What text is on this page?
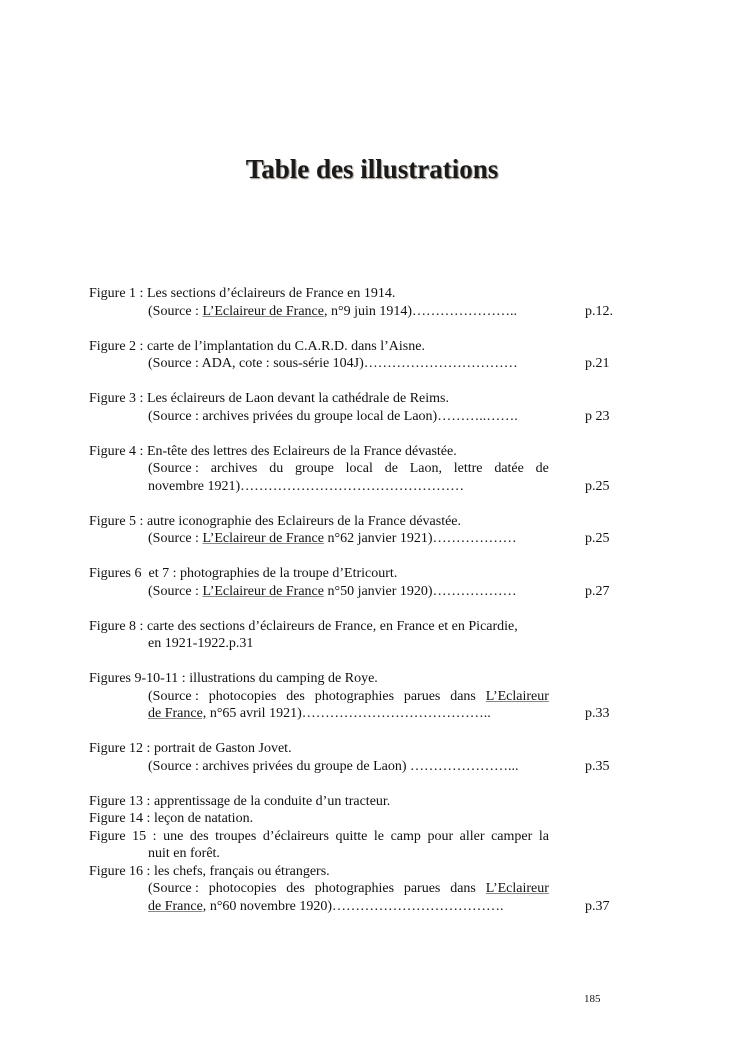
Table des illustrations
Figure 1 : Les sections d’éclaireurs de France en 1914.
(Source : L’Eclaireur de France, n°9 juin 1914)…………………..	p.12.
Figure 2 : carte de l’implantation du C.A.R.D. dans l’Aisne.
(Source : ADA, cote : sous-série 104J)……………………………	p.21
Figure 3 : Les éclaireurs de Laon devant la cathédrale de Reims.
(Source : archives privées du groupe local de Laon)………..…….	p 23
Figure 4 : En-tête des lettres des Eclaireurs de la France dévastée.
(Source : archives du groupe local de Laon, lettre datée de
novembre 1921)…………………………………………	p.25
Figure 5 : autre iconographie des Eclaireurs de la France dévastée.
(Source : L’Eclaireur de France n°62 janvier 1921)………………	p.25
Figures 6  et 7 : photographies de la troupe d’Etricourt.
(Source : L’Eclaireur de France n°50 janvier 1920)………………	p.27
Figure 8 : carte des sections d’éclaireurs de France, en France et en Picardie,
en 1921-1922.p.31
Figures 9-10-11 : illustrations du camping de Roye.
(Source : photocopies des photographies parues dans L’Eclaireur
de France, n°65 avril 1921)…………………………………..	p.33
Figure 12 : portrait de Gaston Jovet.
(Source : archives privées du groupe de Laon) …………………...	p.35
Figure 13 : apprentissage de la conduite d’un tracteur.
Figure 14 : leçon de natation.
Figure 15 : une des troupes d’éclaireurs quitte le camp pour aller camper la
nuit en forêt.
Figure 16 : les chefs, français ou étrangers.
(Source : photocopies des photographies parues dans L’Eclaireur
de France, n°60 novembre 1920)……………………………….	p.37
185
